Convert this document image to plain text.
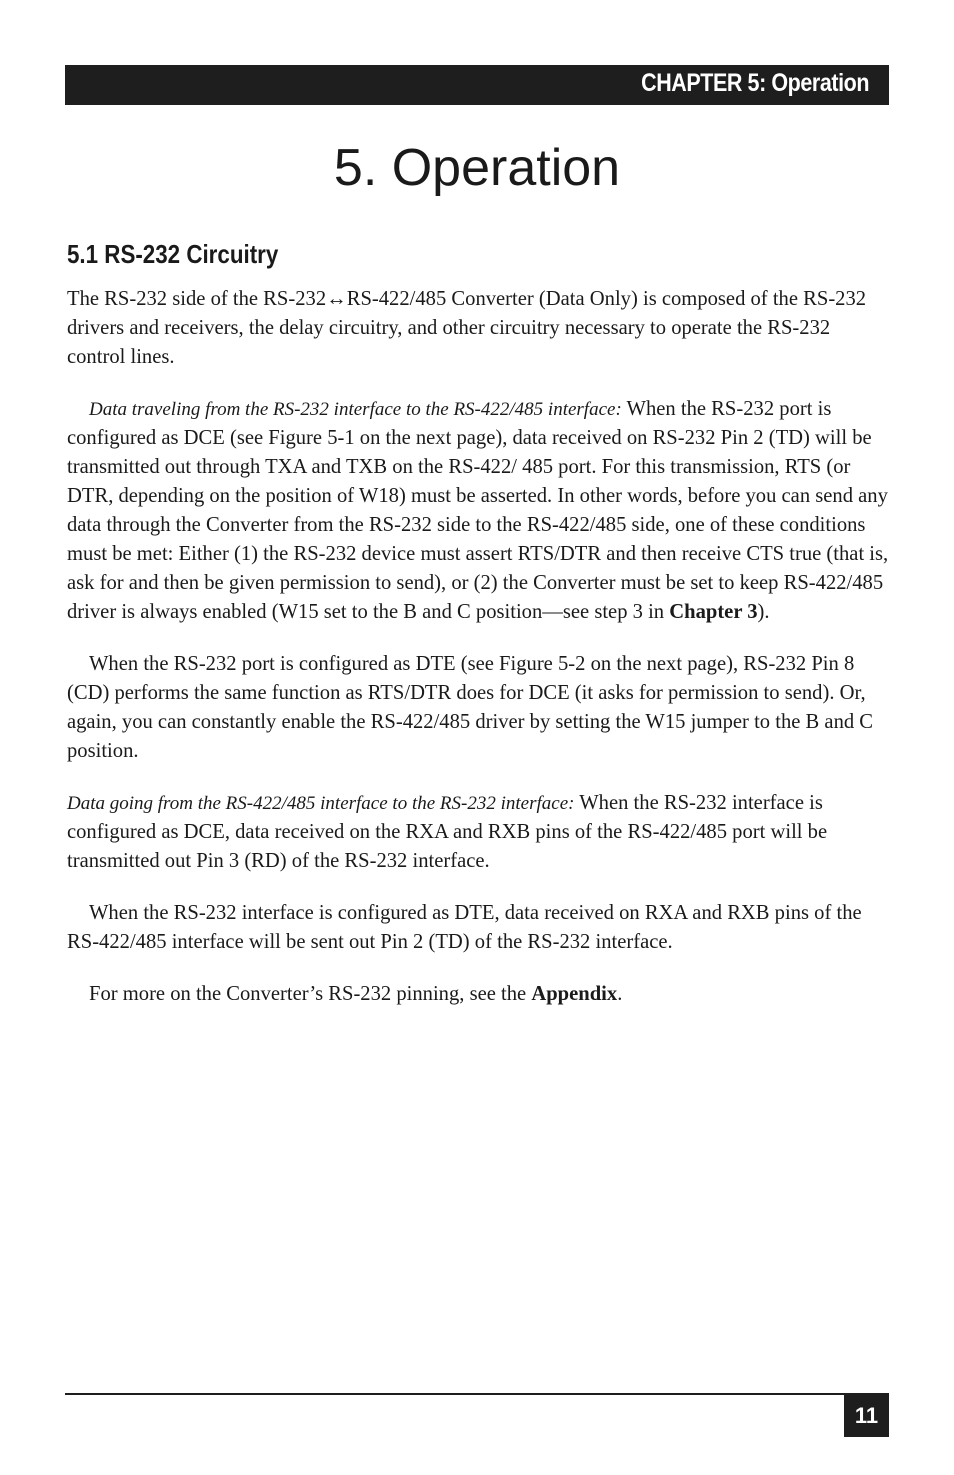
CHAPTER 5: Operation
5. Operation
5.1 RS-232 Circuitry

The RS-232 side of the RS-232↔RS-422/485 Converter (Data Only) is composed of the RS-232 drivers and receivers, the delay circuitry, and other circuitry necessary to operate the RS-232 control lines.

Data traveling from the RS-232 interface to the RS-422/485 interface: When the RS-232 port is configured as DCE (see Figure 5-1 on the next page), data received on RS-232 Pin 2 (TD) will be transmitted out through TXA and TXB on the RS-422/ 485 port. For this transmission, RTS (or DTR, depending on the position of W18) must be asserted. In other words, before you can send any data through the Converter from the RS-232 side to the RS-422/485 side, one of these conditions must be met: Either (1) the RS-232 device must assert RTS/DTR and then receive CTS true (that is, ask for and then be given permission to send), or (2) the Converter must be set to keep RS-422/485 driver is always enabled (W15 set to the B and C position—see step 3 in Chapter 3).

When the RS-232 port is configured as DTE (see Figure 5-2 on the next page), RS-232 Pin 8 (CD) performs the same function as RTS/DTR does for DCE (it asks for permission to send). Or, again, you can constantly enable the RS-422/485 driver by setting the W15 jumper to the B and C position.

Data going from the RS-422/485 interface to the RS-232 interface: When the RS-232 interface is configured as DCE, data received on the RXA and RXB pins of the RS-422/485 port will be transmitted out Pin 3 (RD) of the RS-232 interface.

When the RS-232 interface is configured as DTE, data received on RXA and RXB pins of the RS-422/485 interface will be sent out Pin 2 (TD) of the RS-232 interface.

For more on the Converter’s RS-232 pinning, see the Appendix.

11
